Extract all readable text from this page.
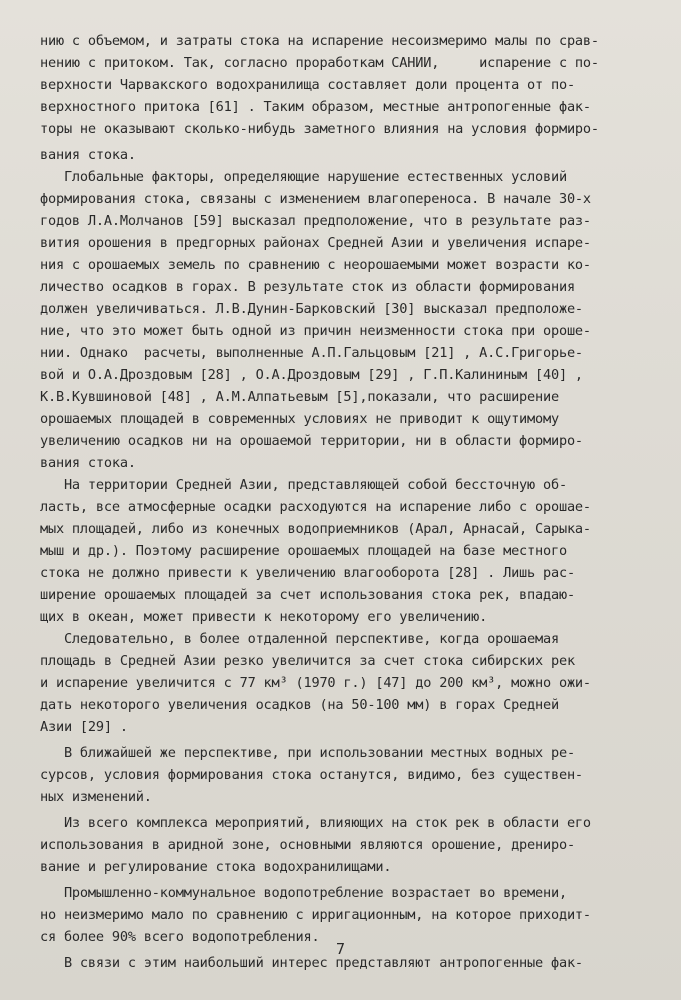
нию с объемом, и затраты стока на испарение несоизмеримо малы по срав-
нению с притоком. Так, согласно проработкам САНИИ,     испарение с по-
верхности Чарвакского водохранилища составляет доли процента от по-
верхностного притока [61] . Таким образом, местные антропогенные фак-
торы не оказывают сколько-нибудь заметного влияния на условия формиро-
вания стока.
Глобальные факторы, определяющие нарушение естественных условий
формирования стока, связаны с изменением влагопереноса. В начале 30-х
годов Л.А.Молчанов [59] высказал предположение, что в результате раз-
вития орошения в предгорных районах Средней Азии и увеличения испаре-
ния с орошаемых земель по сравнению с неорошаемыми может возрасти ко-
личество осадков в горах. В результате сток из области формирования
должен увеличиваться. Л.В.Дунин-Барковский [30] высказал предположе-
ние, что это может быть одной из причин неизменности стока при ороше-
нии. Однако  расчеты, выполненные А.П.Гальцовым [21] , А.С.Григорье-
вой и О.А.Дроздовым [28] , О.А.Дроздовым [29] , Г.П.Калининым [40] ,
К.В.Кувшиновой [48] , А.М.Алпатьевым [5],показали, что расширение
орошаемых площадей в современных условиях не приводит к ощутимому
увеличению осадков ни на орошаемой территории, ни в области формиро-
вания стока.
На территории Средней Азии, представляющей собой бессточную об-
ласть, все атмосферные осадки расходуются на испарение либо с орошае-
мых площадей, либо из конечных водоприемников (Арал, Арнасай, Сарыка-
мыш и др.). Поэтому расширение орошаемых площадей на базе местного
стока не должно привести к увеличению влагооборота [28] . Лишь рас-
ширение орошаемых площадей за счет использования стока рек, впадаю-
щих в океан, может привести к некоторому его увеличению.
Следовательно, в более отдаленной перспективе, когда орошаемая
площадь в Средней Азии резко увеличится за счет стока сибирских рек
и испарение увеличится с 77 км³ (1970 г.) [47] до 200 км³, можно ожи-
дать некоторого увеличения осадков (на 50-100 мм) в горах Средней
Азии [29] .
В ближайшей же перспективе, при использовании местных водных ре-
сурсов, условия формирования стока останутся, видимо, без существен-
ных изменений.
Из всего комплекса мероприятий, влияющих на сток рек в области его
использования в аридной зоне, основными являются орошение, дрениро-
вание и регулирование стока водохранилищами.
Промышленно-коммунальное водопотребление возрастает во времени,
но неизмеримо мало по сравнению с ирригационным, на которое приходит-
ся более 90% всего водопотребления.
В связи с этим наибольший интерес представляют антропогенные фак-
7
